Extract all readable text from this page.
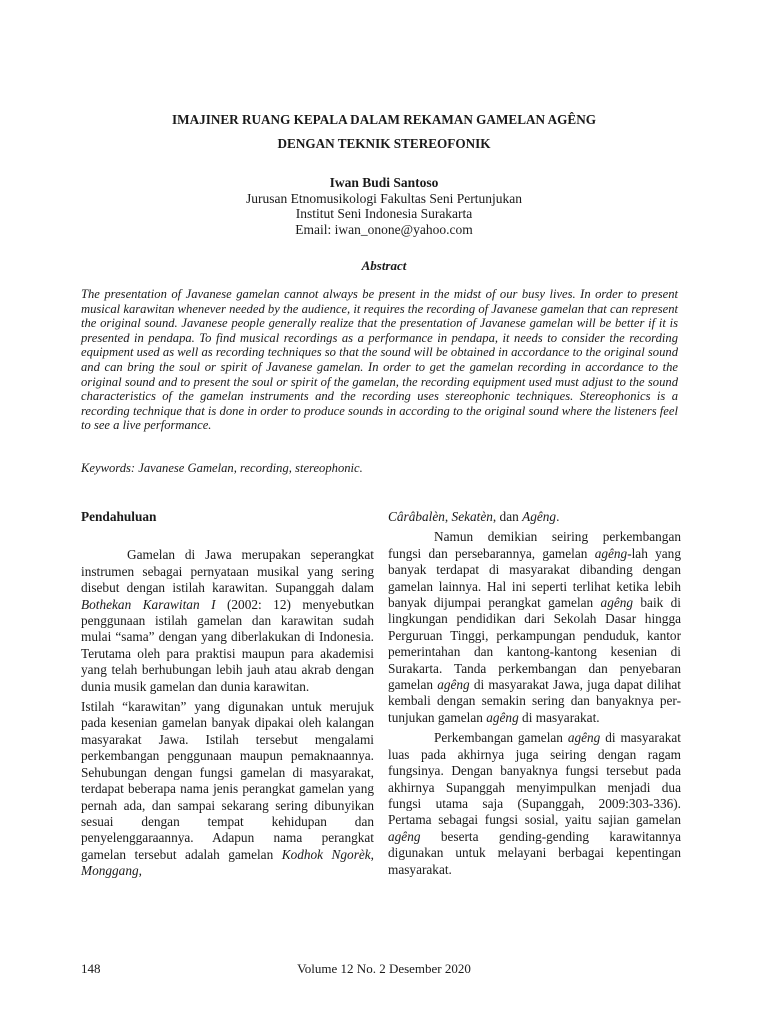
IMAJINER RUANG KEPALA DALAM REKAMAN GAMELAN AGÊNG
DENGAN TEKNIK STEREOFONIK
Iwan Budi Santoso
Jurusan Etnomusikologi Fakultas Seni Pertunjukan
Institut Seni Indonesia Surakarta
Email: iwan_onone@yahoo.com
Abstract

The presentation of Javanese gamelan cannot always be present in the midst of our busy lives. In order to present musical karawitan whenever needed by the audience, it requires the recording of Javanese gamelan that can represent the original sound. Javanese people generally realize that the presentation of Javanese gamelan will be better if it is presented in pendapa. To find musical recordings as a performance in pendapa, it needs to consider the recording equipment used as well as recording techniques so that the sound will be obtained in accordance to the original sound and can bring the soul or spirit of Javanese gamelan. In order to get the gamelan recording in accordance to the original sound and to present the soul or spirit of the gamelan, the recording equipment used must adjust to the sound characteristics of the gamelan instruments and the recording uses stereophonic techniques. Stereophonics is a recording technique that is done in order to produce sounds in according to the original sound where the listeners feel to see a live performance.

Keywords: Javanese Gamelan, recording, stereophonic.

Pendahuluan

Gamelan di Jawa merupakan seperangkat instrumen sebagai pernyataan musikal yang sering disebut dengan istilah karawitan. Supanggah dalam Bothekan Karawitan I (2002: 12) menyebutkan penggunaan istilah gamelan dan karawitan sudah mulai “sama” dengan yang diberlakukan di Indonesia. Terutama oleh para praktisi maupun para akademisi yang telah berhubungan lebih jauh atau akrab dengan dunia musik gamelan dan dunia karawitan.

Istilah “karawitan” yang digunakan untuk merujuk pada kesenian gamelan banyak dipakai oleh kalangan masyarakat Jawa. Istilah tersebut mengalami perkembangan penggunaan maupun pemaknaannya. Sehubungan dengan fungsi gamelan di masyarakat, terdapat beberapa nama jenis perangkat gamelan yang pernah ada, dan sampai sekarang sering dibunyikan sesuai dengan tempat kehidupan dan penyelenggaraannya. Adapun nama perangkat gamelan tersebut adalah gamelan Kodhok Ngorèk, Monggang,

Cârâbalèn, Sekatèn, dan Agêng.

Namun demikian seiring perkembangan fungsi dan persebarannya, gamelan agêng-lah yang banyak terdapat di masyarakat dibanding dengan gamelan lainnya. Hal ini seperti terlihat ketika lebih banyak dijumpai perangkat gamelan agêng baik di lingkungan pendidikan dari Sekolah Dasar hingga Perguruan Tinggi, perkampungan penduduk, kantor pemerintahan dan kantong-kantong kesenian di Surakarta. Tanda perkembangan dan penyebaran gamelan agêng di masyarakat Jawa, juga dapat dilihat kembali dengan semakin sering dan banyaknya per-tunjukan gamelan agêng di masyarakat.

Perkembangan gamelan agêng di masyarakat luas pada akhirnya juga seiring dengan ragam fungsinya. Dengan banyaknya fungsi tersebut pada akhirnya Supanggah menyimpulkan menjadi dua fungsi utama saja (Supanggah, 2009:303-336). Pertama sebagai fungsi sosial, yaitu sajian gamelan agêng beserta gending-gending karawitannya digunakan untuk melayani berbagai kepentingan masyarakat.

148	Volume 12 No. 2 Desember 2020
